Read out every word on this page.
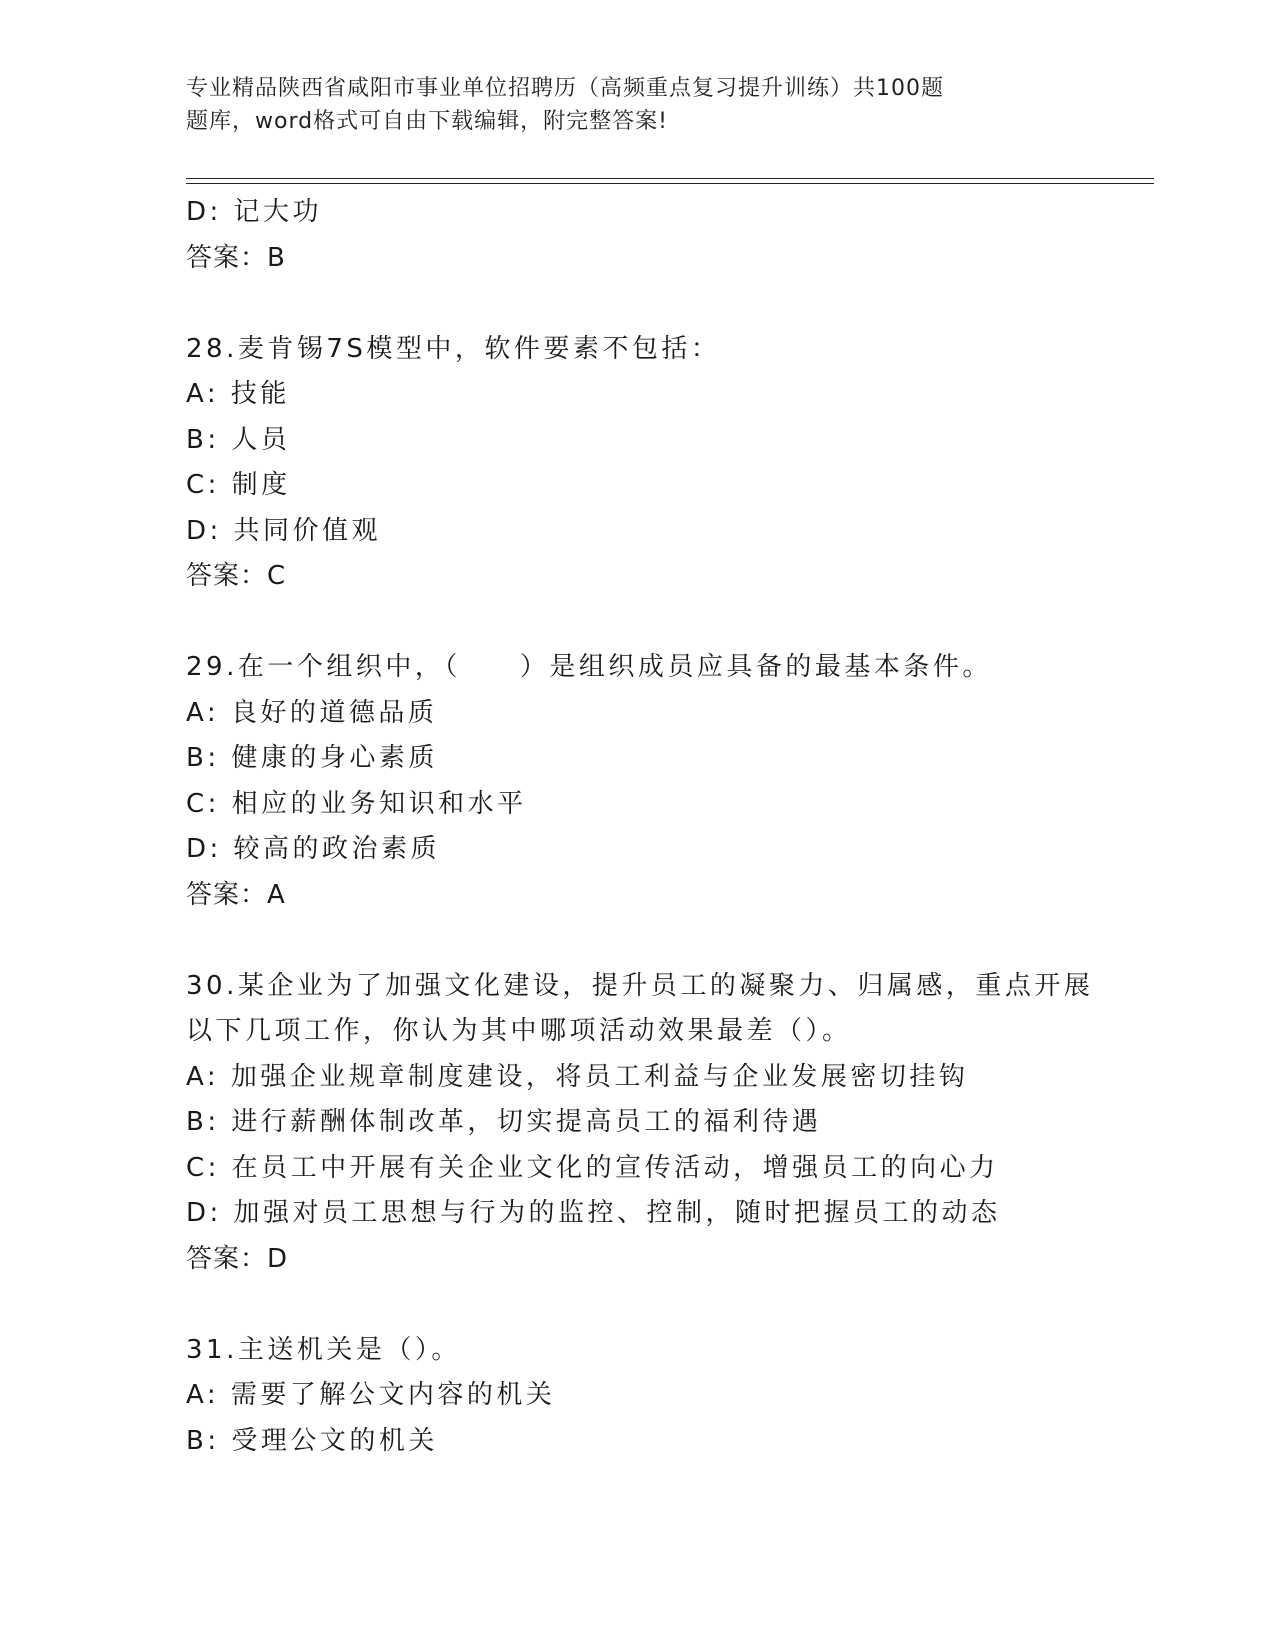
专业精品陕西省咸阳市事业单位招聘历（高频重点复习提升训练）共100题
题库，word格式可自由下载编辑，附完整答案!
D: 记大功
答案：B
28.麦肯锡7S模型中，软件要素不包括：
A: 技能
B: 人员
C: 制度
D: 共同价值观
答案：C
29.在一个组织中，（　　）是组织成员应具备的最基本条件。
A: 良好的道德品质
B: 健康的身心素质
C: 相应的业务知识和水平
D: 较高的政治素质
答案：A
30.某企业为了加强文化建设，提升员工的凝聚力、归属感，重点开展
以下几项工作，你认为其中哪项活动效果最差（）。
A: 加强企业规章制度建设，将员工利益与企业发展密切挂钩
B: 进行薪酬体制改革，切实提高员工的福利待遇
C: 在员工中开展有关企业文化的宣传活动，增强员工的向心力
D: 加强对员工思想与行为的监控、控制，随时把握员工的动态
答案：D
31.主送机关是（）。
A: 需要了解公文内容的机关
B: 受理公文的机关
